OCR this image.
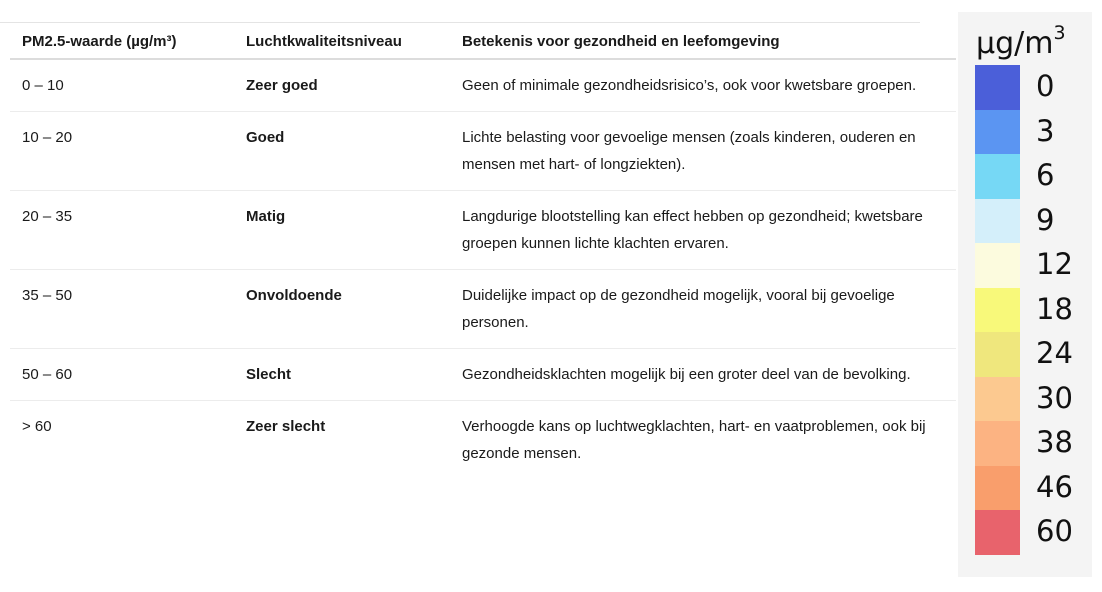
PM2.5-waarde (µg/m³)	Luchtkwaliteitsniveau	Betekenis voor gezondheid en leefomgeving
0 – 10	Zeer goed	Geen of minimale gezondheidsrisico’s, ook voor kwetsbare groepen.
10 – 20	Goed	Lichte belasting voor gevoelige mensen (zoals kinderen, ouderen en mensen met hart- of longziekten).
20 – 35	Matig	Langdurige blootstelling kan effect hebben op gezondheid; kwetsbare groepen kunnen lichte klachten ervaren.
35 – 50	Onvoldoende	Duidelijke impact op de gezondheid mogelijk, vooral bij gevoelige personen.
50 – 60	Slecht	Gezondheidsklachten mogelijk bij een groter deel van de bevolking.
> 60	Zeer slecht	Verhoogde kans op luchtwegklachten, hart- en vaatproblemen, ook bij gezonde mensen.
$\mu g/m^3$
0
3
6
9
12
18
24
30
38
46
60
